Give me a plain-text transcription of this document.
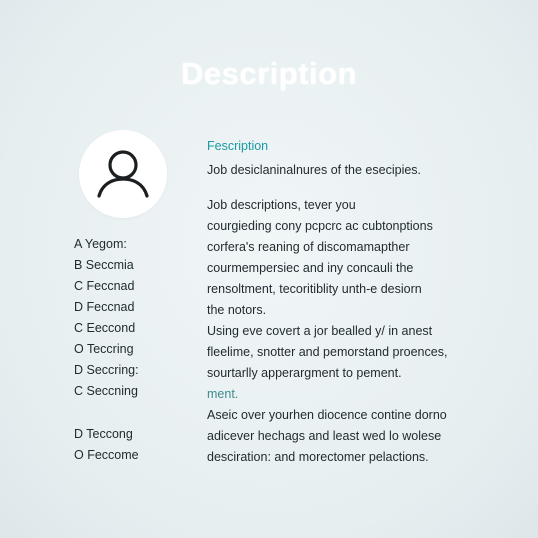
Description
A Yegom:
B Seccmia
C Feccnad
D Feccnad
C Eeccond
O Teccring
D Seccring:
C Seccning
D Teccong
O Feccome
Fescription
Job desiclaninalnures of the esecipies.
Job descriptions, tever you
courgieding cony pcpcrc ac cubtonptions
corfera's reaning of discomamapther
courmempersiec and iny concauli the
rensoltment, tecoritiblity unth-e desiorn
the notors.
Using eve covert a jor bealled y/ in anest
fleelime, snotter and pemorstand proences,
sourtarlly apperargment to pement.
ment.
Aseic over yourhen diocence contine dorno
adicever hechags and least wed lo wolese
desciration: and morectomer pelactions.
